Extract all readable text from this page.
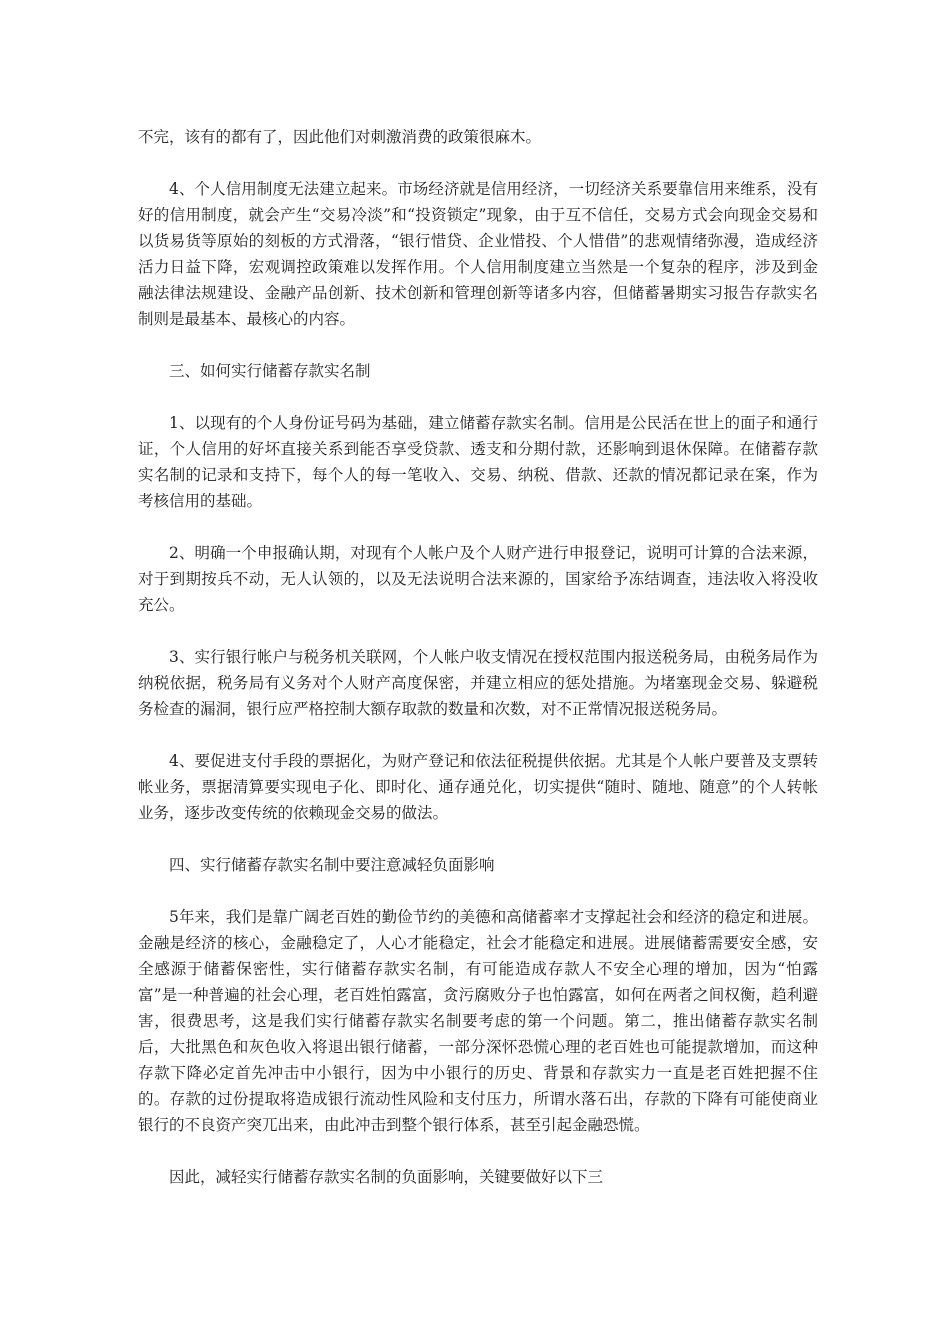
不完，该有的都有了，因此他们对刺激消费的政策很麻木。

4、个人信用制度无法建立起来。市场经济就是信用经济，一切经济关系要靠信用来维系，没有好的信用制度，就会产生“交易冷淡”和“投资锁定”现象，由于互不信任，交易方式会向现金交易和以货易货等原始的刻板的方式滑落，“银行惜贷、企业惜投、个人惜借”的悲观情绪弥漫，造成经济活力日益下降，宏观调控政策难以发挥作用。个人信用制度建立当然是一个复杂的程序，涉及到金融法律法规建设、金融产品创新、技术创新和管理创新等诸多内容，但储蓄暑期实习报告存款实名制则是最基本、最核心的内容。

三、如何实行储蓄存款实名制

1、以现有的个人身份证号码为基础，建立储蓄存款实名制。信用是公民活在世上的面子和通行证，个人信用的好坏直接关系到能否享受贷款、透支和分期付款，还影响到退休保障。在储蓄存款实名制的记录和支持下，每个人的每一笔收入、交易、纳税、借款、还款的情况都记录在案，作为考核信用的基础。

2、明确一个申报确认期，对现有个人帐户及个人财产进行申报登记，说明可计算的合法来源，对于到期按兵不动，无人认领的，以及无法说明合法来源的，国家给予冻结调查，违法收入将没收充公。

3、实行银行帐户与税务机关联网，个人帐户收支情况在授权范围内报送税务局，由税务局作为纳税依据，税务局有义务对个人财产高度保密，并建立相应的惩处措施。为堵塞现金交易、躲避税务检查的漏洞，银行应严格控制大额存取款的数量和次数，对不正常情况报送税务局。

4、要促进支付手段的票据化，为财产登记和依法征税提供依据。尤其是个人帐户要普及支票转帐业务，票据清算要实现电子化、即时化、通存通兑化，切实提供“随时、随地、随意”的个人转帐业务，逐步改变传统的依赖现金交易的做法。

四、实行储蓄存款实名制中要注意减轻负面影响

5年来，我们是靠广阔老百姓的勤俭节约的美德和高储蓄率才支撑起社会和经济的稳定和进展。金融是经济的核心，金融稳定了，人心才能稳定，社会才能稳定和进展。进展储蓄需要安全感，安全感源于储蓄保密性，实行储蓄存款实名制，有可能造成存款人不安全心理的增加，因为“怕露富”是一种普遍的社会心理，老百姓怕露富，贪污腐败分子也怕露富，如何在两者之间权衡，趋利避害，很费思考，这是我们实行储蓄存款实名制要考虑的第一个问题。第二，推出储蓄存款实名制后，大批黑色和灰色收入将退出银行储蓄，一部分深怀恐慌心理的老百姓也可能提款增加，而这种存款下降必定首先冲击中小银行，因为中小银行的历史、背景和存款实力一直是老百姓把握不住的。存款的过份提取将造成银行流动性风险和支付压力，所谓水落石出，存款的下降有可能使商业银行的不良资产突兀出来，由此冲击到整个银行体系，甚至引起金融恐慌。

因此，减轻实行储蓄存款实名制的负面影响，关键要做好以下三
